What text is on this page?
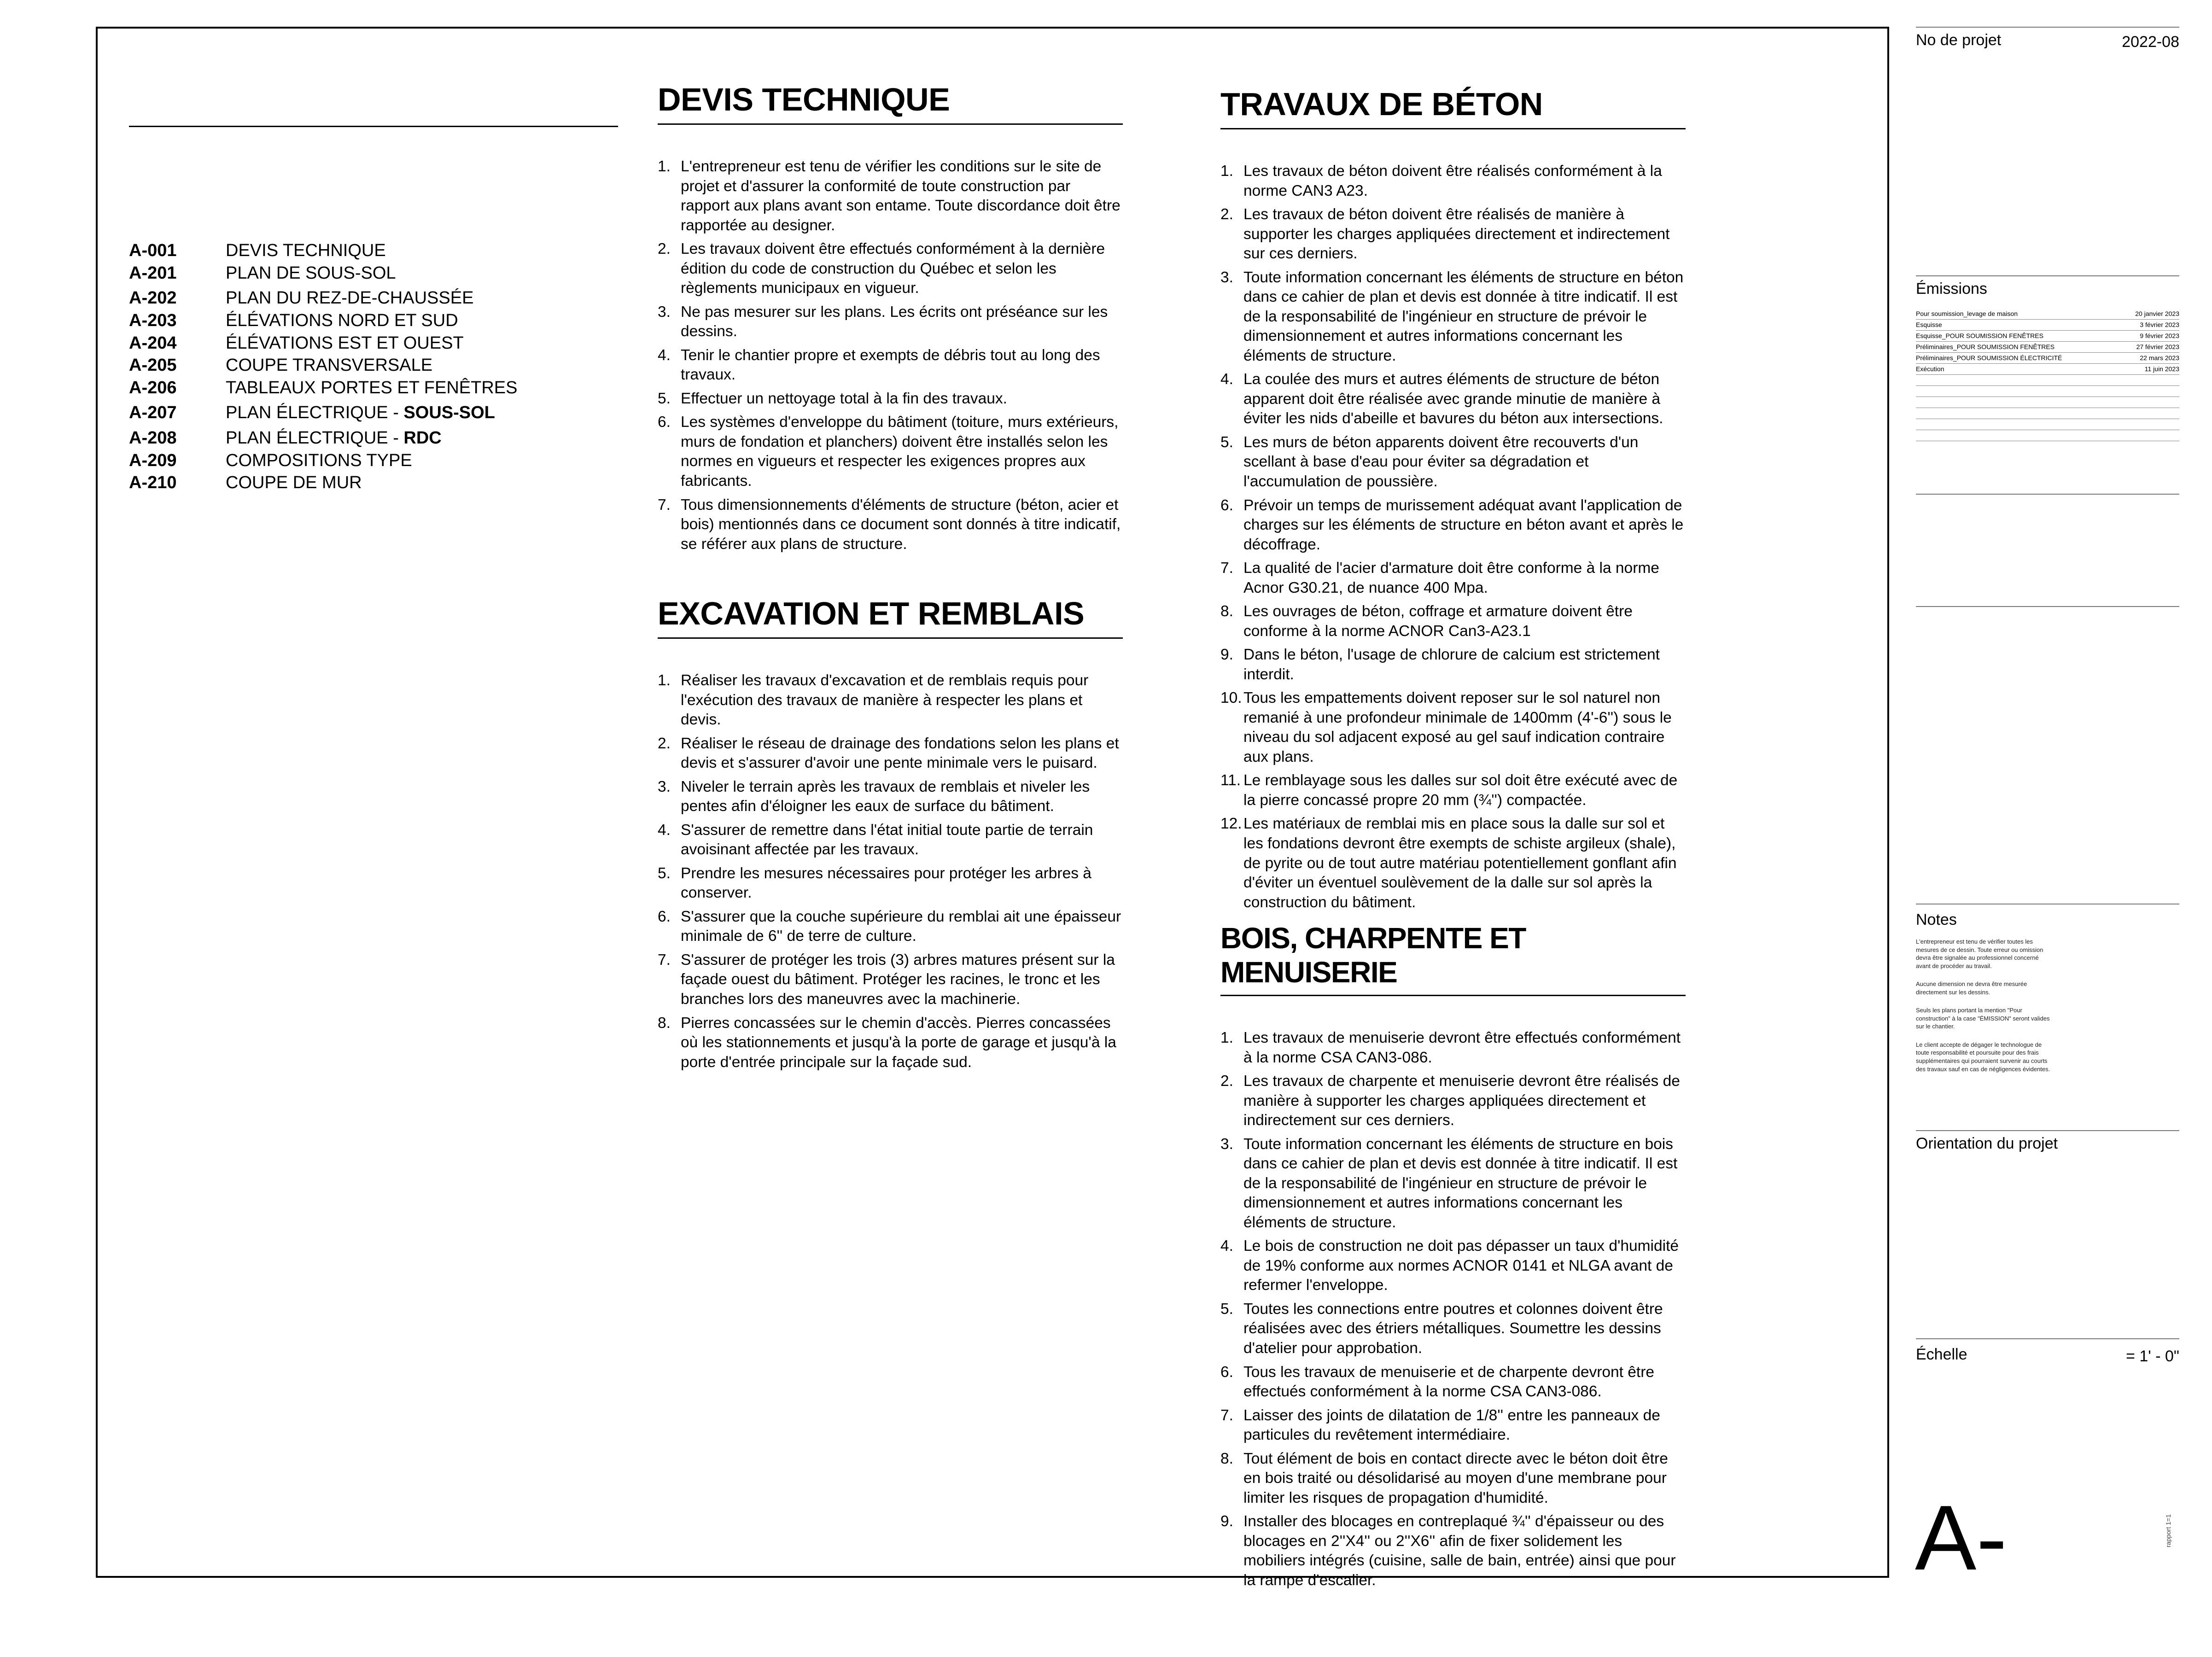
A-001	DEVIS TECHNIQUE
A-201	PLAN DE SOUS-SOL
A-202	PLAN DU REZ-DE-CHAUSSÉE
A-203	ÉLÉVATIONS NORD ET SUD
A-204	ÉLÉVATIONS EST ET OUEST
A-205	COUPE TRANSVERSALE
A-206	TABLEAUX PORTES ET FENÊTRES
A-207	PLAN ÉLECTRIQUE - SOUS-SOL
A-208	PLAN ÉLECTRIQUE - RDC
A-209	COMPOSITIONS TYPE
A-210	COUPE DE MUR
DEVIS TECHNIQUE
1. L'entrepreneur est tenu de vérifier les conditions sur le site de projet et d'assurer la conformité de toute construction par rapport aux plans avant son entame. Toute discordance doit être rapportée au designer.
2. Les travaux doivent être effectués conformément à la dernière édition du code de construction du Québec et selon les règlements municipaux en vigueur.
3. Ne pas mesurer sur les plans. Les écrits ont préséance sur les dessins.
4. Tenir le chantier propre et exempts de débris tout au long des travaux.
5. Effectuer un nettoyage total à la fin des travaux.
6. Les systèmes d'enveloppe du bâtiment (toiture, murs extérieurs, murs de fondation et planchers) doivent être installés selon les normes en vigueurs et respecter les exigences propres aux fabricants.
7. Tous dimensionnements d'éléments de structure (béton, acier et bois) mentionnés dans ce document sont donnés à titre indicatif, se référer aux plans de structure.
EXCAVATION ET REMBLAIS
1. Réaliser les travaux d'excavation et de remblais requis pour l'exécution des travaux de manière à respecter les plans et devis.
2. Réaliser le réseau de drainage des fondations selon les plans et devis et s'assurer d'avoir une pente minimale vers le puisard.
3. Niveler le terrain après les travaux de remblais et niveler les pentes afin d'éloigner les eaux de surface du bâtiment.
4. S'assurer de remettre dans l'état initial toute partie de terrain avoisinant affectée par les travaux.
5. Prendre les mesures nécessaires pour protéger les arbres à conserver.
6. S'assurer que la couche supérieure du remblai ait une épaisseur minimale de 6'' de terre de culture.
7. S'assurer de protéger les trois (3) arbres matures présent sur la façade ouest du bâtiment. Protéger les racines, le tronc et les branches lors des maneuvres avec la machinerie.
8. Pierres concassées sur le chemin d'accès. Pierres concassées où les stationnements et jusqu'à la porte de garage et jusqu'à la porte d'entrée principale sur la façade sud.
TRAVAUX DE BÉTON
1. Les travaux de béton doivent être réalisés conformément à la norme CAN3 A23.
2. Les travaux de béton doivent être réalisés de manière à supporter les charges appliquées directement et indirectement sur ces derniers.
3. Toute information concernant les éléments de structure en béton dans ce cahier de plan et devis est donnée à titre indicatif. Il est de la responsabilité de l'ingénieur en structure de prévoir le dimensionnement et autres informations concernant les éléments de structure.
4. La coulée des murs et autres éléments de structure de béton apparent doit être réalisée avec grande minutie de manière à éviter les nids d'abeille et bavures du béton aux intersections.
5. Les murs de béton apparents doivent être recouverts d'un scellant à base d'eau pour éviter sa dégradation et l'accumulation de poussière.
6. Prévoir un temps de murissement adéquat avant l'application de charges sur les éléments de structure en béton avant et après le décoffrage.
7. La qualité de l'acier d'armature doit être conforme à la norme Acnor G30.21, de nuance 400 Mpa.
8. Les ouvrages de béton, coffrage et armature doivent être conforme à la norme ACNOR Can3-A23.1
9. Dans le béton, l'usage de chlorure de calcium est strictement interdit.
10. Tous les empattements doivent reposer sur le sol naturel non remanié à une profondeur minimale de 1400mm (4'-6'') sous le niveau du sol adjacent exposé au gel sauf indication contraire aux plans.
11. Le remblayage sous les dalles sur sol doit être exécuté avec de la pierre concassé propre 20 mm (¾'') compactée.
12. Les matériaux de remblai mis en place sous la dalle sur sol et les fondations devront être exempts de schiste argileux (shale), de pyrite ou de tout autre matériau potentiellement gonflant afin d'éviter un éventuel soulèvement de la dalle sur sol après la construction du bâtiment.
BOIS, CHARPENTE ET MENUISERIE
1. Les travaux de menuiserie devront être effectués conformément à la norme CSA CAN3-086.
2. Les travaux de charpente et menuiserie devront être réalisés de manière à supporter les charges appliquées directement et indirectement sur ces derniers.
3. Toute information concernant les éléments de structure en bois dans ce cahier de plan et devis est donnée à titre indicatif. Il est de la responsabilité de l'ingénieur en structure de prévoir le dimensionnement et autres informations concernant les éléments de structure.
4. Le bois de construction ne doit pas dépasser un taux d'humidité de 19% conforme aux normes ACNOR 0141 et NLGA avant de refermer l'enveloppe.
5. Toutes les connections entre poutres et colonnes doivent être réalisées avec des étriers métalliques. Soumettre les dessins d'atelier pour approbation.
6. Tous les travaux de menuiserie et de charpente devront être effectués conformément à la norme CSA CAN3-086.
7. Laisser des joints de dilatation de 1/8'' entre les panneaux de particules du revêtement intermédiaire.
8. Tout élément de bois en contact directe avec le béton doit être en bois traité ou désolidarisé au moyen d'une membrane pour limiter les risques de propagation d'humidité.
9. Installer des blocages en contreplaqué ¾'' d'épaisseur ou des blocages en 2''X4'' ou 2''X6'' afin de fixer solidement les mobiliers intégrés (cuisine, salle de bain, entrée) ainsi que pour la rampe d'escalier.
No de projet	2022-08
Émissions
Pour soumission_levage de maison	20 janvier 2023
Esquisse	3 février 2023
Esquisse_POUR SOUMISSION FENÊTRES	9 février 2023
Préliminaires_POUR SOUMISSION FENÊTRES	27 février 2023
Préliminaires_POUR SOUMISSION ÉLECTRICITÉ	22 mars 2023
Exécution	11 juin 2023
Notes

L'entrepreneur est tenu de vérifier toutes les mesures de ce dessin. Toute erreur ou omission devra être signalée au professionnel concerné avant de procéder au travail.

Aucune dimension ne devra être mesurée directement sur les dessins.

Seuls les plans portant la mention "Pour construction" à la case "ÉMISSION" seront valides sur le chantier.

Le client accepte de dégager le technologue de toute responsabilité et poursuite pour des frais supplémentaires qui pourraient survenir au courts des travaux sauf en cas de négligences évidentes.

Orientation du projet
Échelle	= 1' - 0"
A-	rapport 1=1
